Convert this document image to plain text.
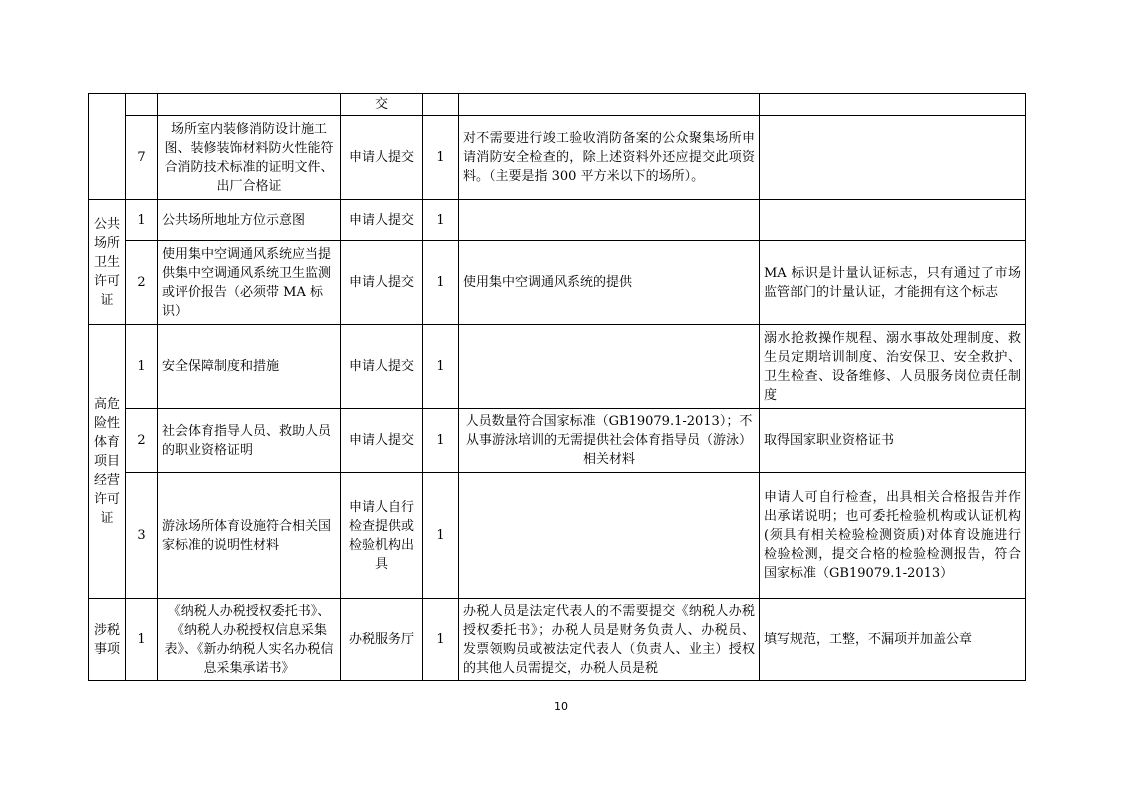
			交			
	7	场所室内装修消防设计施工图、装修装饰材料防火性能符合消防技术标准的证明文件、出厂合格证	申请人提交	1	对不需要进行竣工验收消防备案的公众聚集场所申请消防安全检查的，除上述资料外还应提交此项资料。（主要是指 300 平方米以下的场所）。	
公共场所卫生许可证	1	公共场所地址方位示意图	申请人提交	1		
	2	使用集中空调通风系统应当提供集中空调通风系统卫生监测或评价报告（必须带 MA 标识）	申请人提交	1	使用集中空调通风系统的提供	MA 标识是计量认证标志，只有通过了市场监管部门的计量认证，才能拥有这个标志
高危险性体育项目经营许可证	1	安全保障制度和措施	申请人提交	1		溺水抢救操作规程、溺水事故处理制度、救生员定期培训制度、治安保卫、安全救护、卫生检查、设备维修、人员服务岗位责任制度
	2	社会体育指导人员、救助人员的职业资格证明	申请人提交	1	人员数量符合国家标准（GB19079.1-2013）；不从事游泳培训的无需提供社会体育指导员（游泳）相关材料	取得国家职业资格证书
	3	游泳场所体育设施符合相关国家标准的说明性材料	申请人自行检查提供或检验机构出具	1		申请人可自行检查，出具相关合格报告并作出承诺说明；也可委托检验机构或认证机构(须具有相关检验检测资质)对体育设施进行检验检测，提交合格的检验检测报告，符合国家标准（GB19079.1-2013）
涉税事项	1	《纳税人办税授权委托书》、《纳税人办税授权信息采集表》、《新办纳税人实名办税信息采集承诺书》	办税服务厅	1	办税人员是法定代表人的不需要提交《纳税人办税授权委托书》；办税人员是财务负责人、办税员、发票领购员或被法定代表人（负责人、业主）授权的其他人员需提交，办税人员是税	填写规范，工整，不漏项并加盖公章
10
